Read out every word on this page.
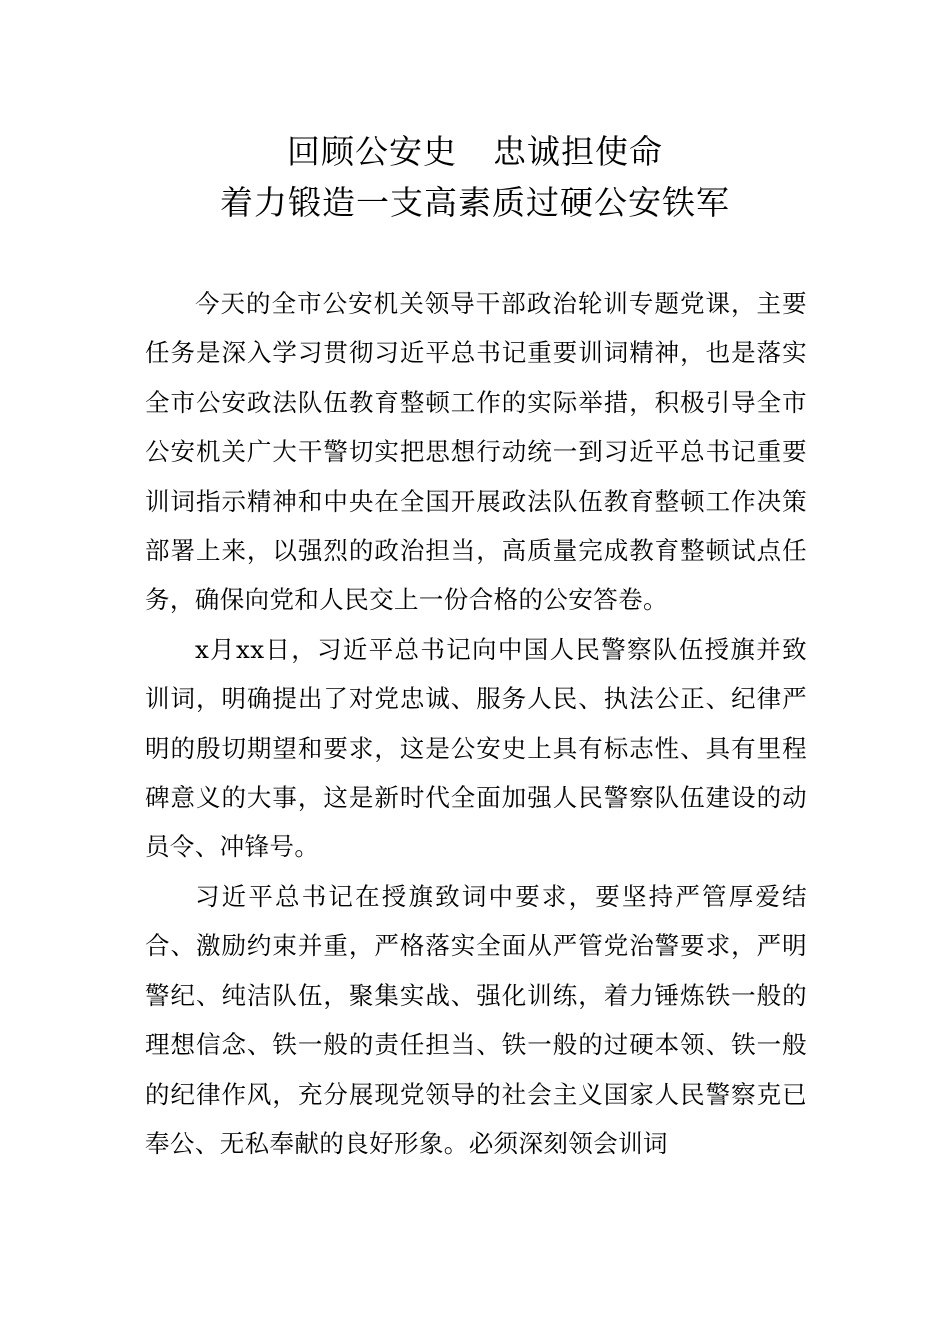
回顾公安史 忠诚担使命
着力锻造一支高素质过硬公安铁军

今天的全市公安机关领导干部政治轮训专题党课，主要任务是深入学习贯彻习近平总书记重要训词精神，也是落实全市公安政法队伍教育整顿工作的实际举措，积极引导全市公安机关广大干警切实把思想行动统一到习近平总书记重要训词指示精神和中央在全国开展政法队伍教育整顿工作决策部署上来，以强烈的政治担当，高质量完成教育整顿试点任务，确保向党和人民交上一份合格的公安答卷。

x月xx日，习近平总书记向中国人民警察队伍授旗并致训词，明确提出了对党忠诚、服务人民、执法公正、纪律严明的殷切期望和要求，这是公安史上具有标志性、具有里程碑意义的大事，这是新时代全面加强人民警察队伍建设的动员令、冲锋号。

习近平总书记在授旗致词中要求，要坚持严管厚爱结合、激励约束并重，严格落实全面从严管党治警要求，严明警纪、纯洁队伍，聚集实战、强化训练，着力锤炼铁一般的理想信念、铁一般的责任担当、铁一般的过硬本领、铁一般的纪律作风，充分展现党领导的社会主义国家人民警察克已奉公、无私奉献的良好形象。必须深刻领会训词
